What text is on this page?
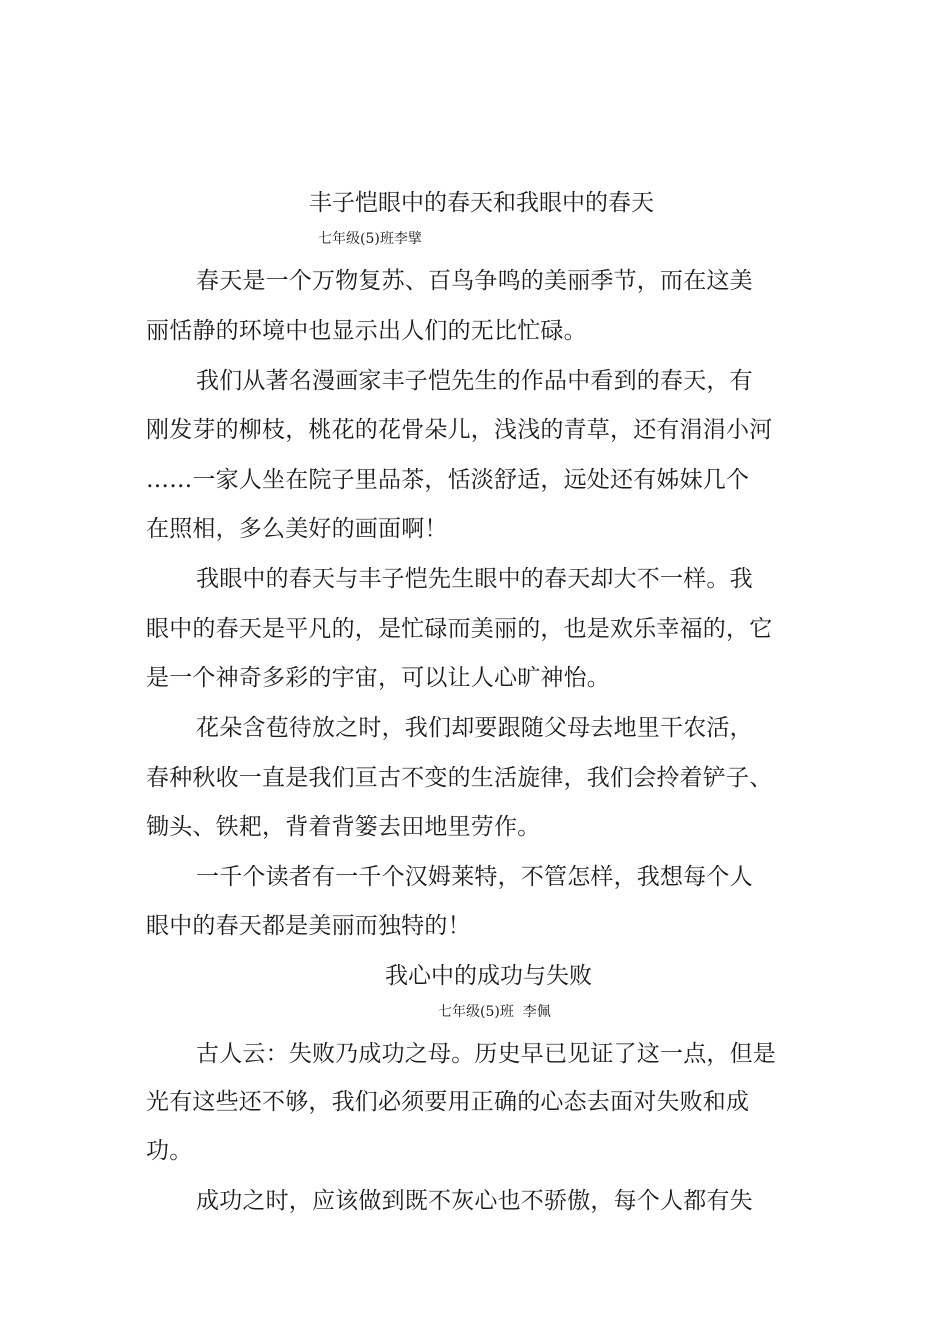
丰子恺眼中的春天和我眼中的春天
七年级(5)班李擘
春天是一个万物复苏、百鸟争鸣的美丽季节，而在这美
丽恬静的环境中也显示出人们的无比忙碌。
我们从著名漫画家丰子恺先生的作品中看到的春天，有
刚发芽的柳枝，桃花的花骨朵儿，浅浅的青草，还有涓涓小河
……一家人坐在院子里品茶，恬淡舒适，远处还有姊妹几个
在照相，多么美好的画面啊！
我眼中的春天与丰子恺先生眼中的春天却大不一样。我
眼中的春天是平凡的，是忙碌而美丽的，也是欢乐幸福的，它
是一个神奇多彩的宇宙，可以让人心旷神怡。
花朵含苞待放之时，我们却要跟随父母去地里干农活，
春种秋收一直是我们亘古不变的生活旋律，我们会拎着铲子、
锄头、铁耙，背着背篓去田地里劳作。
一千个读者有一千个汉姆莱特，不管怎样，我想每个人
眼中的春天都是美丽而独特的！
我心中的成功与失败
七年级(5)班  李佩
古人云：失败乃成功之母。历史早已见证了这一点，但是
光有这些还不够，我们必须要用正确的心态去面对失败和成
功。
成功之时，应该做到既不灰心也不骄傲，每个人都有失
